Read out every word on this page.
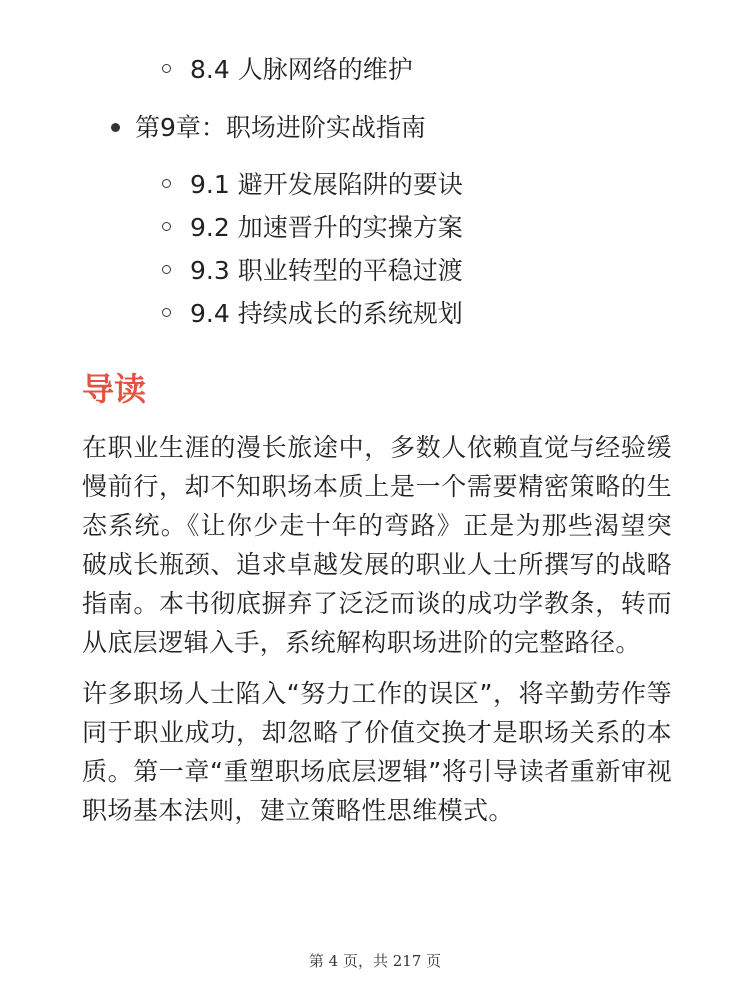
8.4 人脉网络的维护
第9章：职场进阶实战指南
9.1 避开发展陷阱的要诀
9.2 加速晋升的实操方案
9.3 职业转型的平稳过渡
9.4 持续成长的系统规划
导读

在职业生涯的漫长旅途中，多数人依赖直觉与经验缓慢前行，却不知职场本质上是一个需要精密策略的生态系统。《让你少走十年的弯路》正是为那些渴望突破成长瓶颈、追求卓越发展的职业人士所撰写的战略指南。本书彻底摒弃了泛泛而谈的成功学教条，转而从底层逻辑入手，系统解构职场进阶的完整路径。

许多职场人士陷入“努力工作的误区”，将辛勤劳作等同于职业成功，却忽略了价值交换才是职场关系的本质。第一章“重塑职场底层逻辑”将引导读者重新审视职场基本法则，建立策略性思维模式。

第 4 页，共 217 页
